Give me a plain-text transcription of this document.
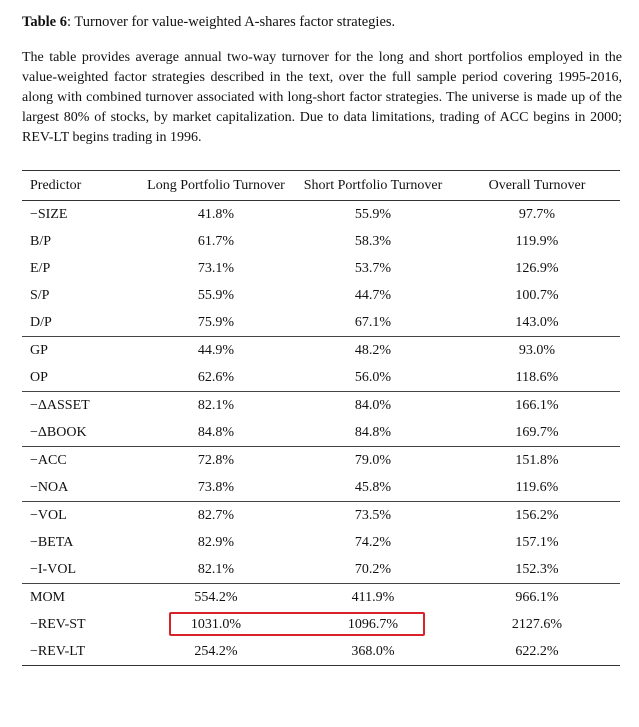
Table 6: Turnover for value-weighted A-shares factor strategies.
The table provides average annual two-way turnover for the long and short portfolios employed in the
value-weighted factor strategies described in the text, over the full sample period covering 1995-2016,
along with combined turnover associated with long-short factor strategies. The universe is made up of the
largest 80% of stocks, by market capitalization. Due to data limitations, trading of ACC begins in 2000;
REV-LT begins trading in 1996.
Predictor	Long Portfolio Turnover	Short Portfolio Turnover	Overall Turnover
−SIZE	41.8%	55.9%	97.7%
B/P	61.7%	58.3%	119.9%
E/P	73.1%	53.7%	126.9%
S/P	55.9%	44.7%	100.7%
D/P	75.9%	67.1%	143.0%
GP	44.9%	48.2%	93.0%
OP	62.6%	56.0%	118.6%
−ΔASSET	82.1%	84.0%	166.1%
−ΔBOOK	84.8%	84.8%	169.7%
−ACC	72.8%	79.0%	151.8%
−NOA	73.8%	45.8%	119.6%
−VOL	82.7%	73.5%	156.2%
−BETA	82.9%	74.2%	157.1%
−I-VOL	82.1%	70.2%	152.3%
MOM	554.2%	411.9%	966.1%
−REV-ST	1031.0%	1096.7%	2127.6%
−REV-LT	254.2%	368.0%	622.2%
